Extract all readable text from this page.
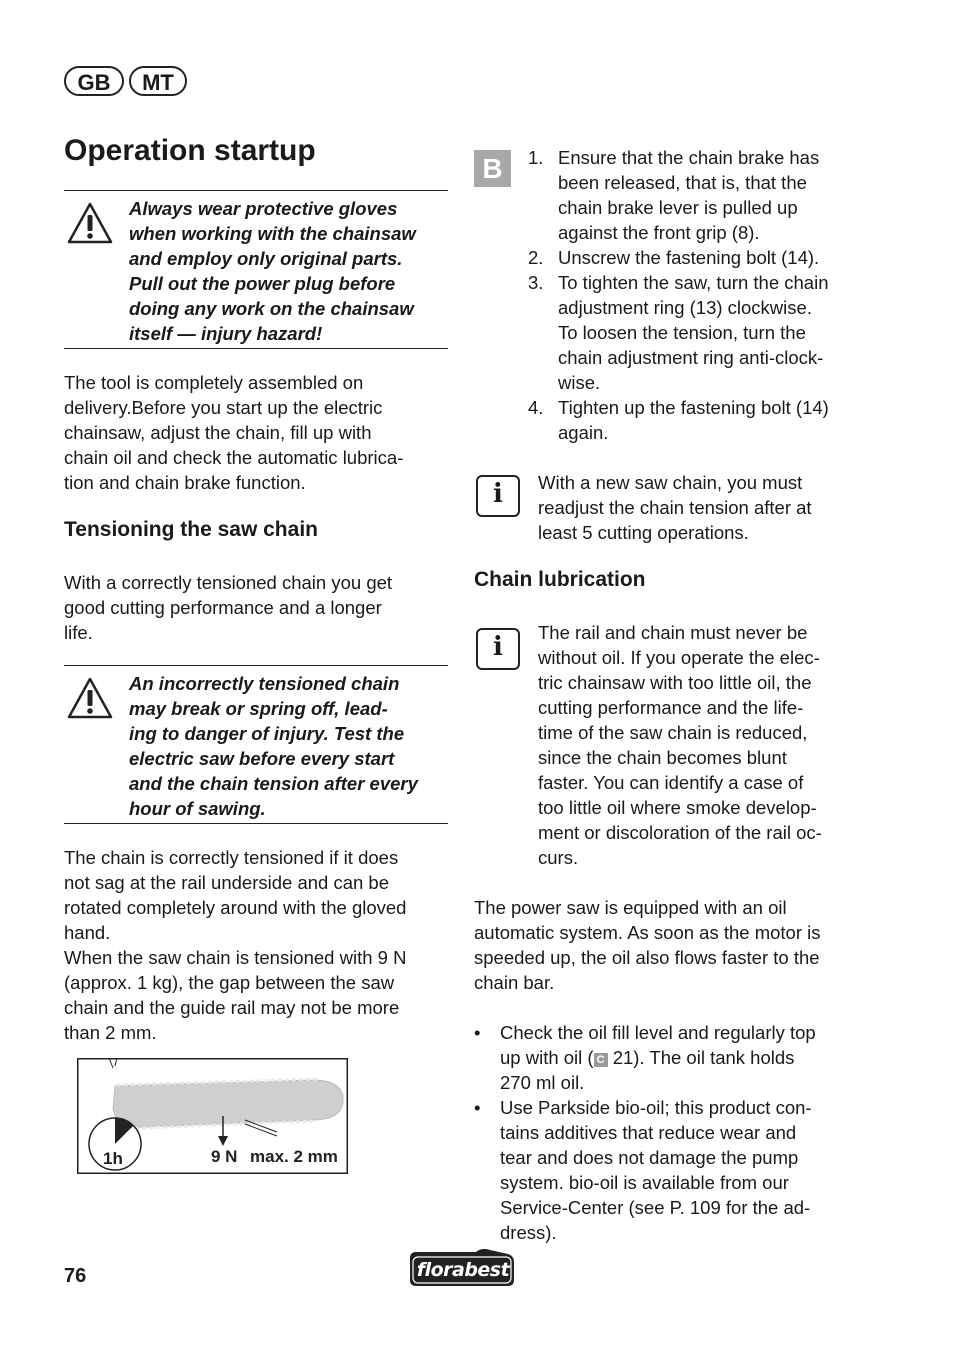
GB	MT
Operation startup
Always wear protective gloves
when working with the chainsaw
and employ only original parts.
Pull out the power plug before
doing any work on the chainsaw
itself — injury hazard!
The tool is completely assembled on
delivery.Before you start up the electric
chainsaw, adjust the chain, fill up with
chain oil and check the automatic lubrica-
tion and chain brake function.
Tensioning the saw chain
With a correctly tensioned chain you get
good cutting performance and a longer
life.
An incorrectly tensioned chain
may break or spring off, lead-
ing to danger of injury. Test the
electric saw before every start
and the chain tension after every
hour of sawing.
The chain is correctly tensioned if it does
not sag at the rail underside and can be
rotated completely around with the gloved
hand.
When the saw chain is tensioned with 9 N
(approx. 1 kg), the gap between the saw
chain and the guide rail may not be more
than 2 mm.
1h	9 N max. 2 mm
B	1. Ensure that the chain brake has
been released, that is, that the
chain brake lever is pulled up
against the front grip (8).
2. Unscrew the fastening bolt (14).
3. To tighten the saw, turn the chain
adjustment ring (13) clockwise.
To loosen the tension, turn the
chain adjustment ring anti-clock-
wise.
4. Tighten up the fastening bolt (14)
again.
i	With a new saw chain, you must
readjust the chain tension after at
least 5 cutting operations.
Chain lubrication
i	The rail and chain must never be
without oil. If you operate the elec-
tric chainsaw with too little oil, the
cutting performance and the life-
time of the saw chain is reduced,
since the chain becomes blunt
faster. You can identify a case of
too little oil where smoke develop-
ment or discoloration of the rail oc-
curs.
The power saw is equipped with an oil
automatic system. As soon as the motor is
speeded up, the oil also flows faster to the
chain bar.
• Check the oil fill level and regularly top
up with oil ( C 21). The oil tank holds
270 ml oil.
• Use Parkside bio-oil; this product con-
tains additives that reduce wear and
tear and does not damage the pump
system. bio-oil is available from our
Service-Center (see P. 109 for the ad-
dress).
76	florabest
